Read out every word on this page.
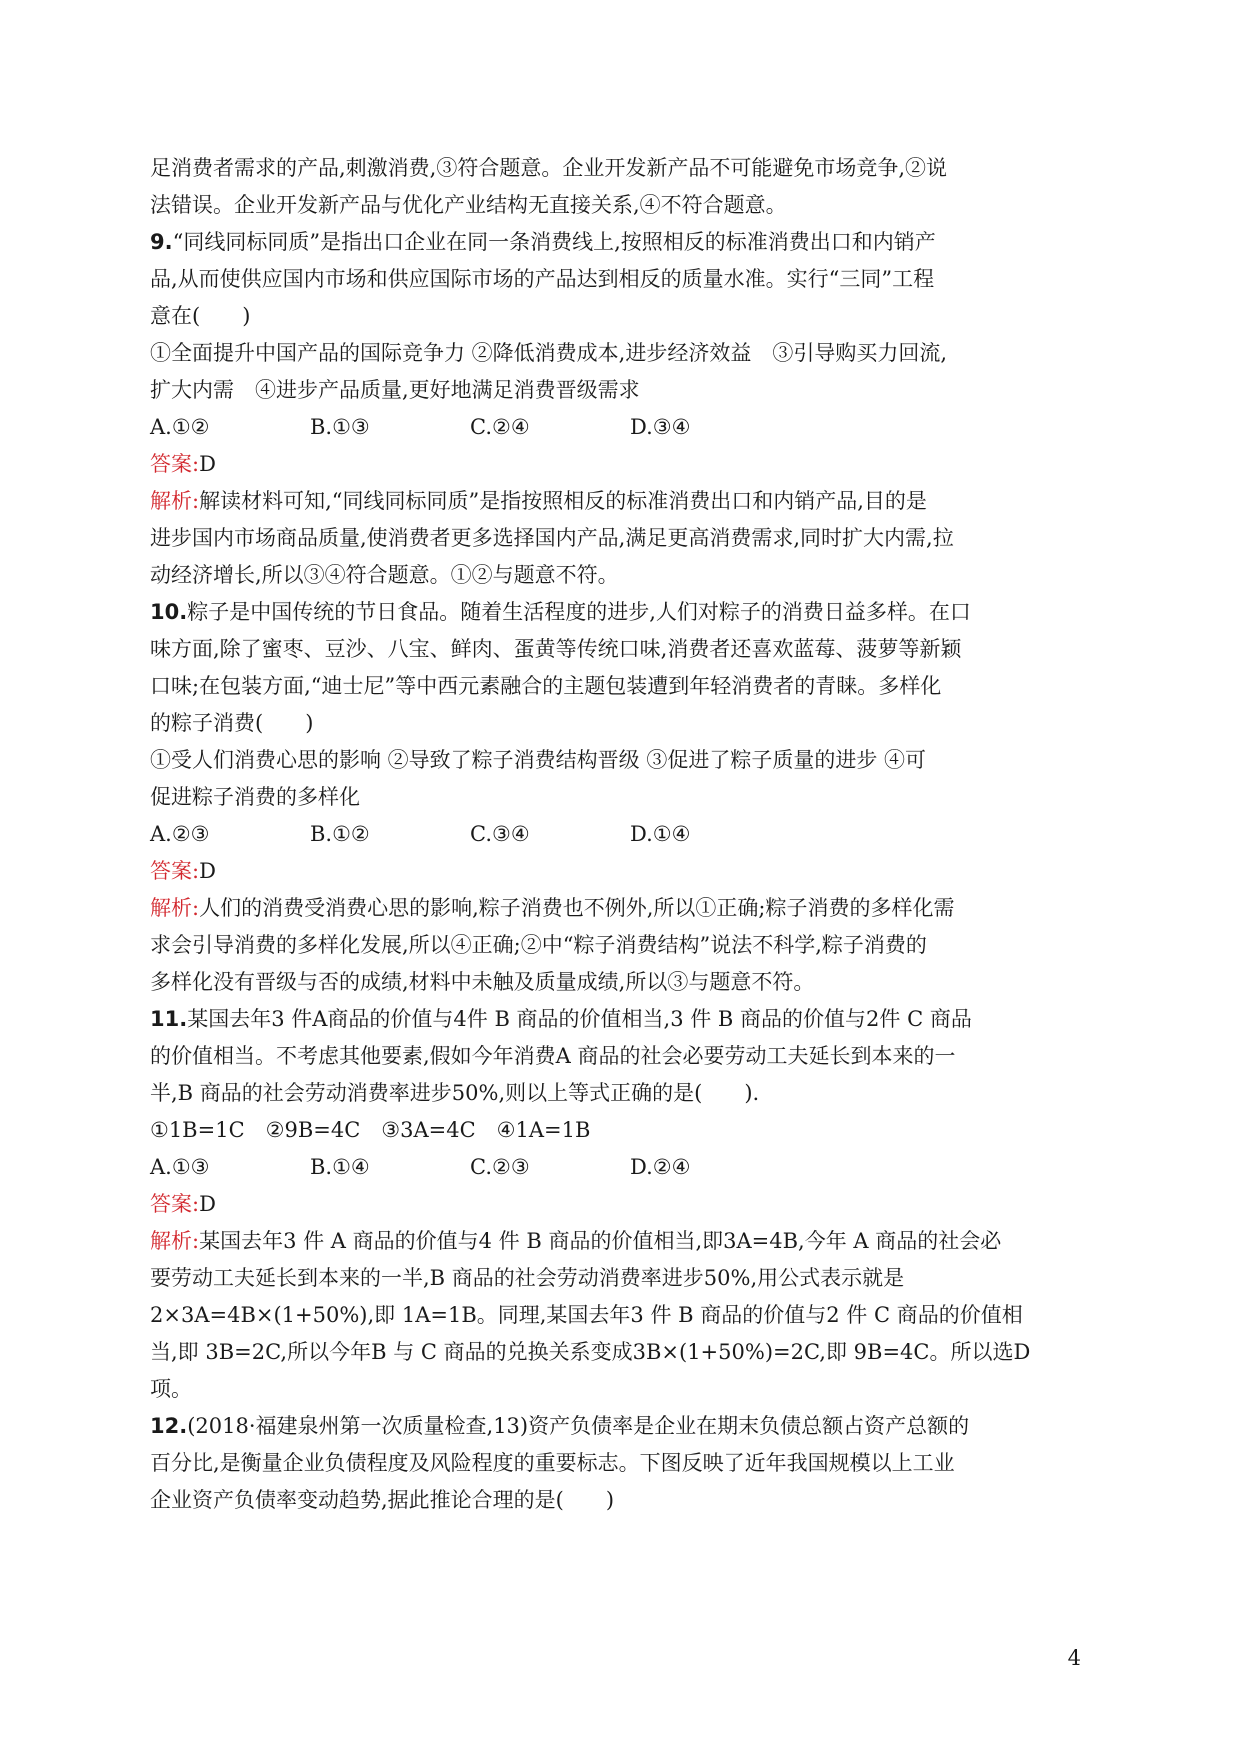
足消费者需求的产品,刺激消费,③符合题意。企业开发新产品不可能避免市场竞争,②说
法错误。企业开发新产品与优化产业结构无直接关系,④不符合题意。
9.“同线同标同质”是指出口企业在同一条消费线上,按照相反的标准消费出口和内销产
品,从而使供应国内市场和供应国际市场的产品达到相反的质量水准。实行“三同”工程
意在(　　)
①全面提升中国产品的国际竞争力 ②降低消费成本,进步经济效益　③引导购买力回流,
扩大内需　④进步产品质量,更好地满足消费晋级需求
A.①②	B.①③	C.②④	D.③④
答案:D
解析:解读材料可知,“同线同标同质”是指按照相反的标准消费出口和内销产品,目的是
进步国内市场商品质量,使消费者更多选择国内产品,满足更高消费需求,同时扩大内需,拉
动经济增长,所以③④符合题意。①②与题意不符。
10.粽子是中国传统的节日食品。随着生活程度的进步,人们对粽子的消费日益多样。在口
味方面,除了蜜枣、豆沙、八宝、鲜肉、蛋黄等传统口味,消费者还喜欢蓝莓、菠萝等新颖
口味;在包装方面,“迪士尼”等中西元素融合的主题包装遭到年轻消费者的青睐。多样化
的粽子消费(　　)
①受人们消费心思的影响 ②导致了粽子消费结构晋级 ③促进了粽子质量的进步 ④可
促进粽子消费的多样化
A.②③	B.①②	C.③④	D.①④
答案:D
解析:人们的消费受消费心思的影响,粽子消费也不例外,所以①正确;粽子消费的多样化需
求会引导消费的多样化发展,所以④正确;②中“粽子消费结构”说法不科学,粽子消费的
多样化没有晋级与否的成绩,材料中未触及质量成绩,所以③与题意不符。
11.某国去年3 件A商品的价值与4件 B 商品的价值相当,3 件 B 商品的价值与2件 C 商品
的价值相当。不考虑其他要素,假如今年消费A 商品的社会必要劳动工夫延长到本来的一
半,B 商品的社会劳动消费率进步50%,则以上等式正确的是(　　).
①1B=1C　②9B=4C　③3A=4C　④1A=1B
A.①③	B.①④	C.②③	D.②④
答案:D
解析:某国去年3 件 A 商品的价值与4 件 B 商品的价值相当,即3A=4B,今年 A 商品的社会必
要劳动工夫延长到本来的一半,B 商品的社会劳动消费率进步50%,用公式表示就是
2×3A=4B×(1+50%),即 1A=1B。同理,某国去年3 件 B 商品的价值与2 件 C 商品的价值相
当,即 3B=2C,所以今年B 与 C 商品的兑换关系变成3B×(1+50%)=2C,即 9B=4C。所以选D
项。
12.(2018·福建泉州第一次质量检查,13)资产负债率是企业在期末负债总额占资产总额的
百分比,是衡量企业负债程度及风险程度的重要标志。下图反映了近年我国规模以上工业
企业资产负债率变动趋势,据此推论合理的是(　　)
4
